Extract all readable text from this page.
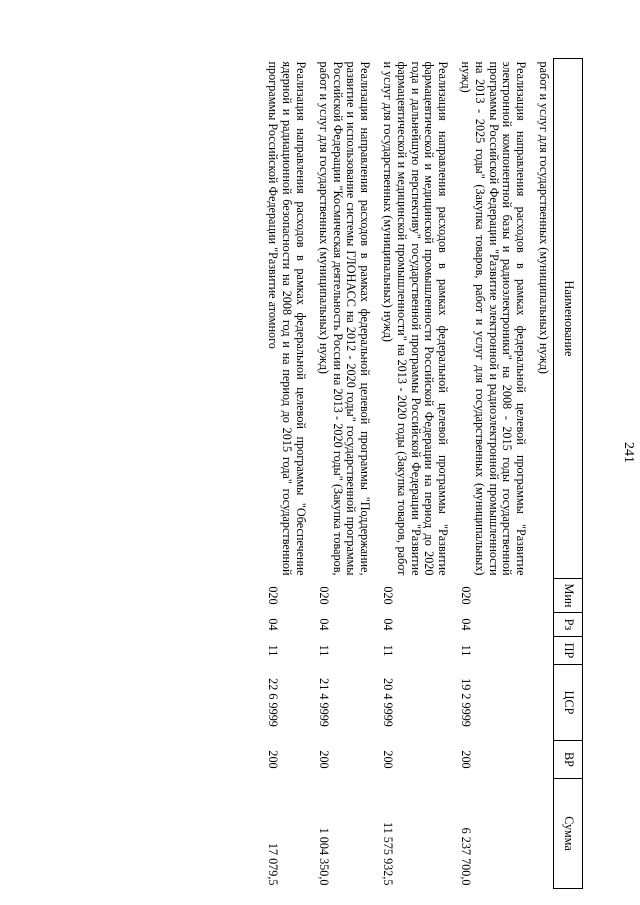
241
Наименование	Мин	Рз	ПР	ЦСР	ВР	Сумма
работ и услуг для государственных (муниципальных) нужд)						
Реализация направления расходов в рамках федеральной целевой программы "Развитие электронной компонентной базы и радиоэлектроники" на 2008 - 2015 годы государственной программы Российской Федерации "Развитие электронной и радиоэлектронной промышленности на 2013 - 2025 годы" (Закупка товаров, работ и услуг для государственных (муниципальных) нужд)	020	04	11	19 2 9999	200	6 237 700,0
Реализация направления расходов в рамках федеральной целевой программы "Развитие фармацевтической и медицинской промышленности Российской Федерации на период до 2020 года и дальнейшую перспективу" государственной программы Российской Федерации "Развитие фармацевтической и медицинской промышленности" на 2013 - 2020 годы (Закупка товаров, работ и услуг для государственных (муниципальных) нужд)	020	04	11	20 4 9999	200	11 575 932,5
Реализация направления расходов в рамках федеральной целевой программы "Поддержание, развитие и использование системы ГЛОНАСС на 2012 - 2020 годы" государственной программы Российской Федерации "Космическая деятельность России на 2013 - 2020 годы" (Закупка товаров, работ и услуг для государственных (муниципальных) нужд)	020	04	11	21 4 9999	200	1 004 350,0
Реализация направления расходов в рамках федеральной целевой программы "Обеспечение ядерной и радиационной безопасности на 2008 год и на период до 2015 года" государственной программы Российской Федерации "Развитие атомного	020	04	11	22 6 9999	200	17 079,5
